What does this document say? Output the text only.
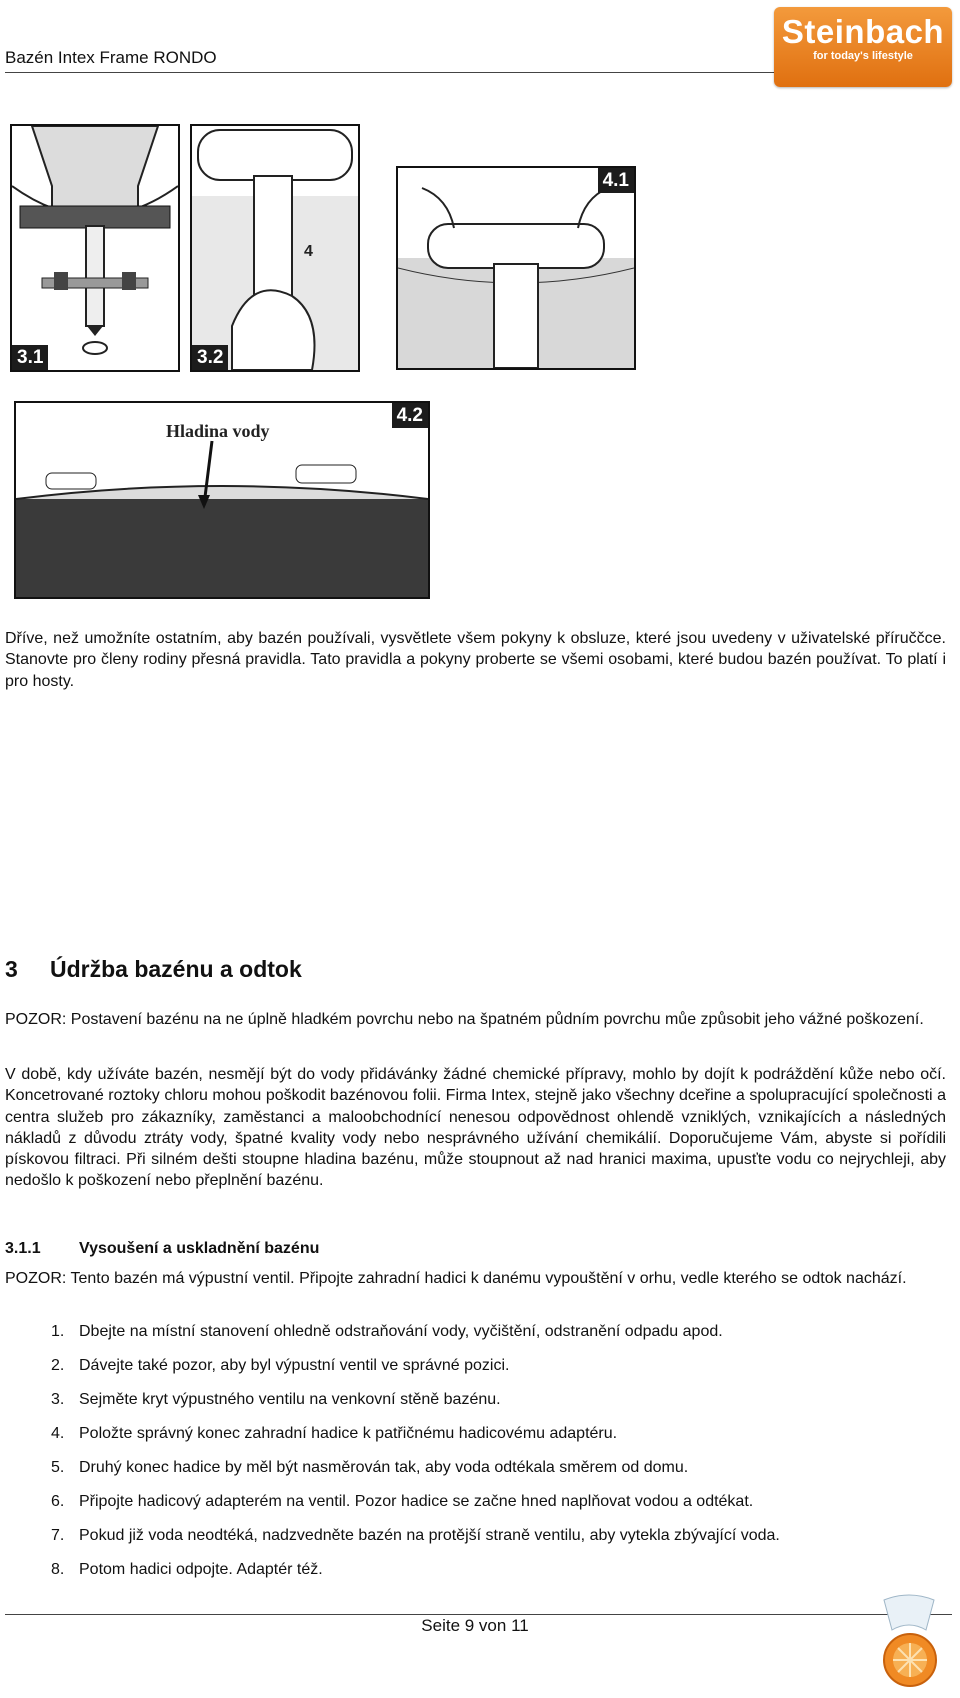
Bazén Intex Frame RONDO
Steinbach
for today's lifestyle
3.1
4
3.2
4.1
Hladina vody
4.2

Dříve, než umožníte ostatním, aby bazén používali, vysvětlete všem pokyny k obsluze, které jsou uvedeny v uživatelské příruččce. Stanovte pro členy rodiny přesná pravidla. Tato pravidla a pokyny proberte se všemi osobami, které budou bazén používat. To platí i pro hosty.

3 Údržba bazénu a odtok

POZOR: Postavení bazénu na ne úplně hladkém povrchu nebo na špatném půdním povrchu můe způsobit jeho vážné poškození.

V době, kdy užíváte bazén, nesmějí být do vody přidávánky žádné chemické přípravy, mohlo by dojít k podráždění kůže nebo očí. Koncetrované roztoky chloru mohou poškodit bazénovou folii. Firma Intex, stejně jako všechny dceřine a spolupracující společnosti a centra služeb pro zákazníky, zaměstanci a maloobchodnící nenesou odpovědnost ohlendě vzniklých, vznikajících a následných nákladů z důvodu ztráty vody, špatné kvality vody nebo nesprávného užívání chemikálií. Doporučujeme Vám, abyste si pořídili pískovou filtraci. Při silném dešti stoupne hladina bazénu, může stoupnout až nad hranici maxima, upusťte vodu co nejrychleji, aby nedošlo k poškození nebo přeplnění bazénu.

3.1.1 Vysoušení a uskladnění bazénu

POZOR: Tento bazén má výpustní ventil. Připojte zahradní hadici k danému vypouštění v orhu, vedle kterého se odtok nachází.

1. Dbejte na místní stanovení ohledně odstraňování vody, vyčištění, odstranění odpadu apod.
2. Dávejte také pozor, aby byl výpustní ventil ve správné pozici.
3. Sejměte kryt výpustného ventilu na venkovní stěně bazénu.
4. Položte správný konec zahradní hadice k patřičnému hadicovému adaptéru.
5. Druhý konec hadice by měl být nasměrován tak, aby voda odtékala směrem od domu.
6. Připojte hadicový adapterém na ventil. Pozor hadice se začne hned naplňovat vodou a odtékat.
7. Pokud již voda neodtéká, nadzvedněte bazén na protější straně ventilu, aby vytekla zbývající voda.
8. Potom hadici odpojte. Adaptér též.
Seite 9 von 11
